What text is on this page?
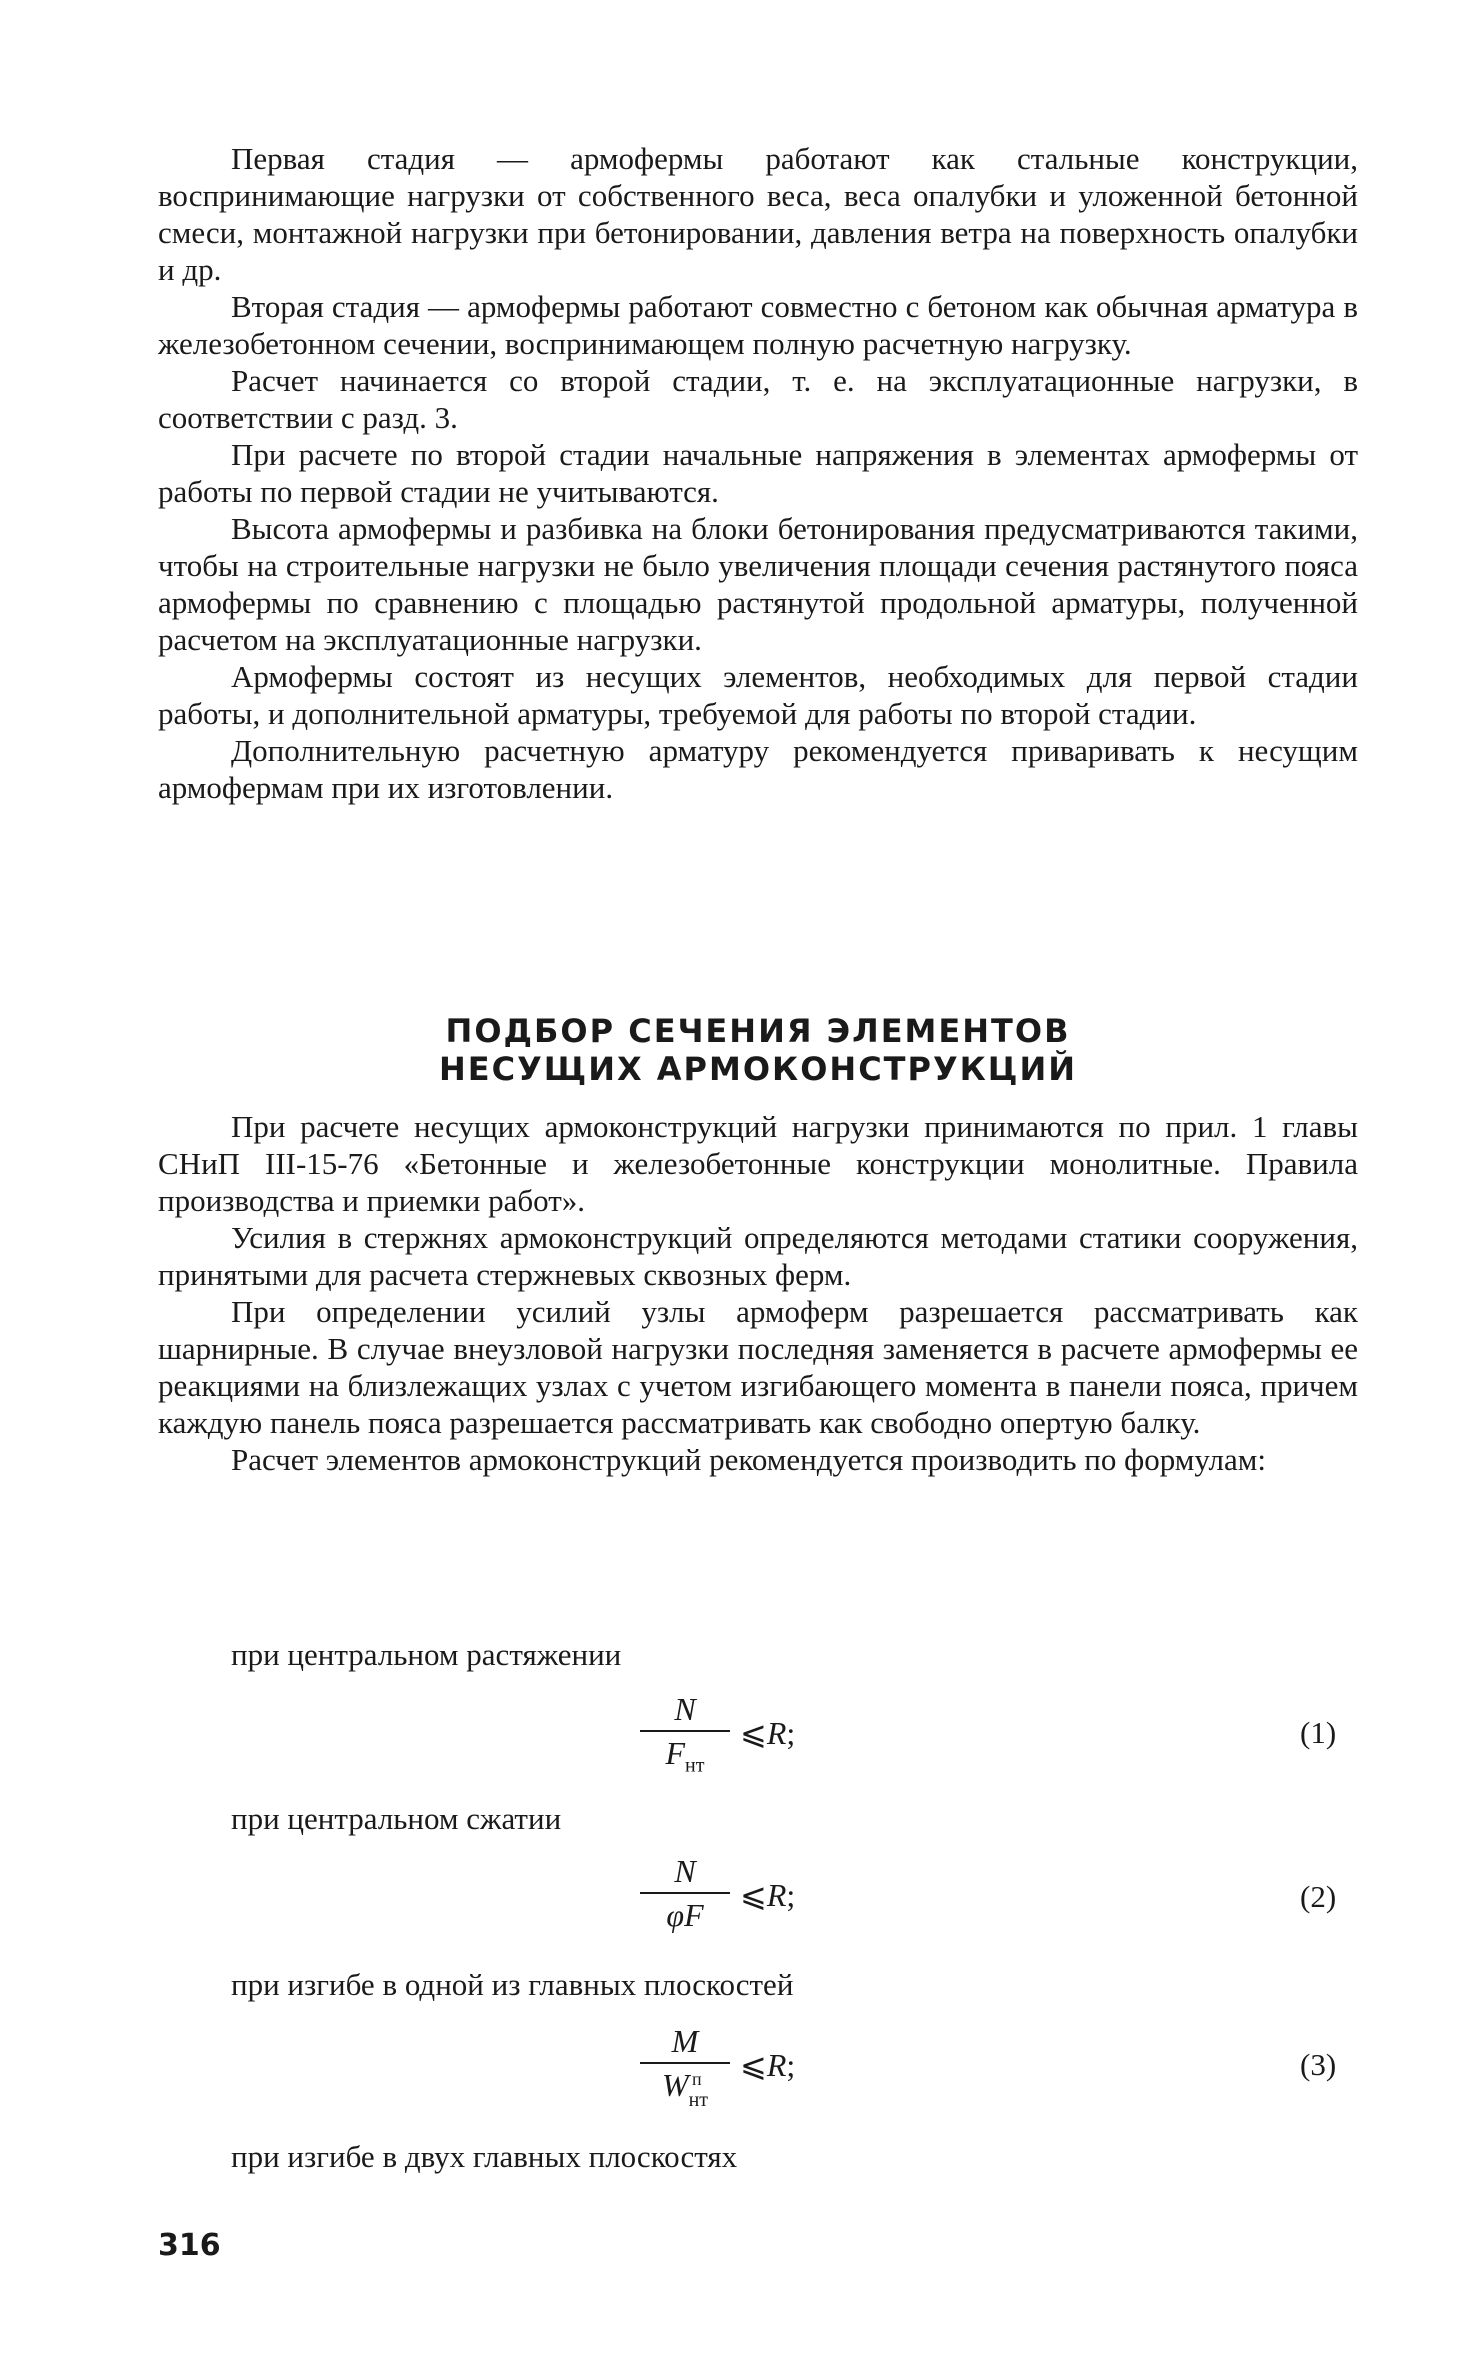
Первая стадия — армофермы работают как стальные конструкции, воспринимающие нагрузки от собственного веса, веса опалубки и уложенной бетонной смеси, монтажной нагрузки при бетонировании, давления ветра на поверхность опалубки и др.

Вторая стадия — армофермы работают совместно с бетоном как обычная арматура в железобетонном сечении, воспринимающем полную расчетную нагрузку.

Расчет начинается со второй стадии, т. е. на эксплуатационные нагрузки, в соответствии с разд. 3.

При расчете по второй стадии начальные напряжения в элементах армофермы от работы по первой стадии не учитываются.

Высота армофермы и разбивка на блоки бетонирования предусматриваются такими, чтобы на строительные нагрузки не было увеличения площади сечения растянутого пояса армофермы по сравнению с площадью растянутой продольной арматуры, полученной расчетом на эксплуатационные нагрузки.

Армофермы состоят из несущих элементов, необходимых для первой стадии работы, и дополнительной арматуры, требуемой для работы по второй стадии.

Дополнительную расчетную арматуру рекомендуется приваривать к несущим армофермам при их изготовлении.

ПОДБОР СЕЧЕНИЯ ЭЛЕМЕНТОВ
НЕСУЩИХ АРМОКОНСТРУКЦИЙ

При расчете несущих армоконструкций нагрузки принимаются по прил. 1 главы СНиП III-15-76 «Бетонные и железобетонные конструкции монолитные. Правила производства и приемки работ».

Усилия в стержнях армоконструкций определяются методами статики сооружения, принятыми для расчета стержневых сквозных ферм.

При определении усилий узлы армоферм разрешается рассматривать как шарнирные. В случае внеузловой нагрузки последняя заменяется в расчете армофермы ее реакциями на близлежащих узлах с учетом изгибающего момента в панели пояса, причем каждую панель пояса разрешается рассматривать как свободно опертую балку.

Расчет элементов армоконструкций рекомендуется производить по формулам:

при центральном растяжении
N
$F_{нт}$
⩽R;	(1)
при центральном сжатии
N
φF
⩽R;	(2)
при изгибе в одной из главных плоскостей
M
W п
$_{нт}$
⩽R;	(3)
при изгибе в двух главных плоскостях
316
